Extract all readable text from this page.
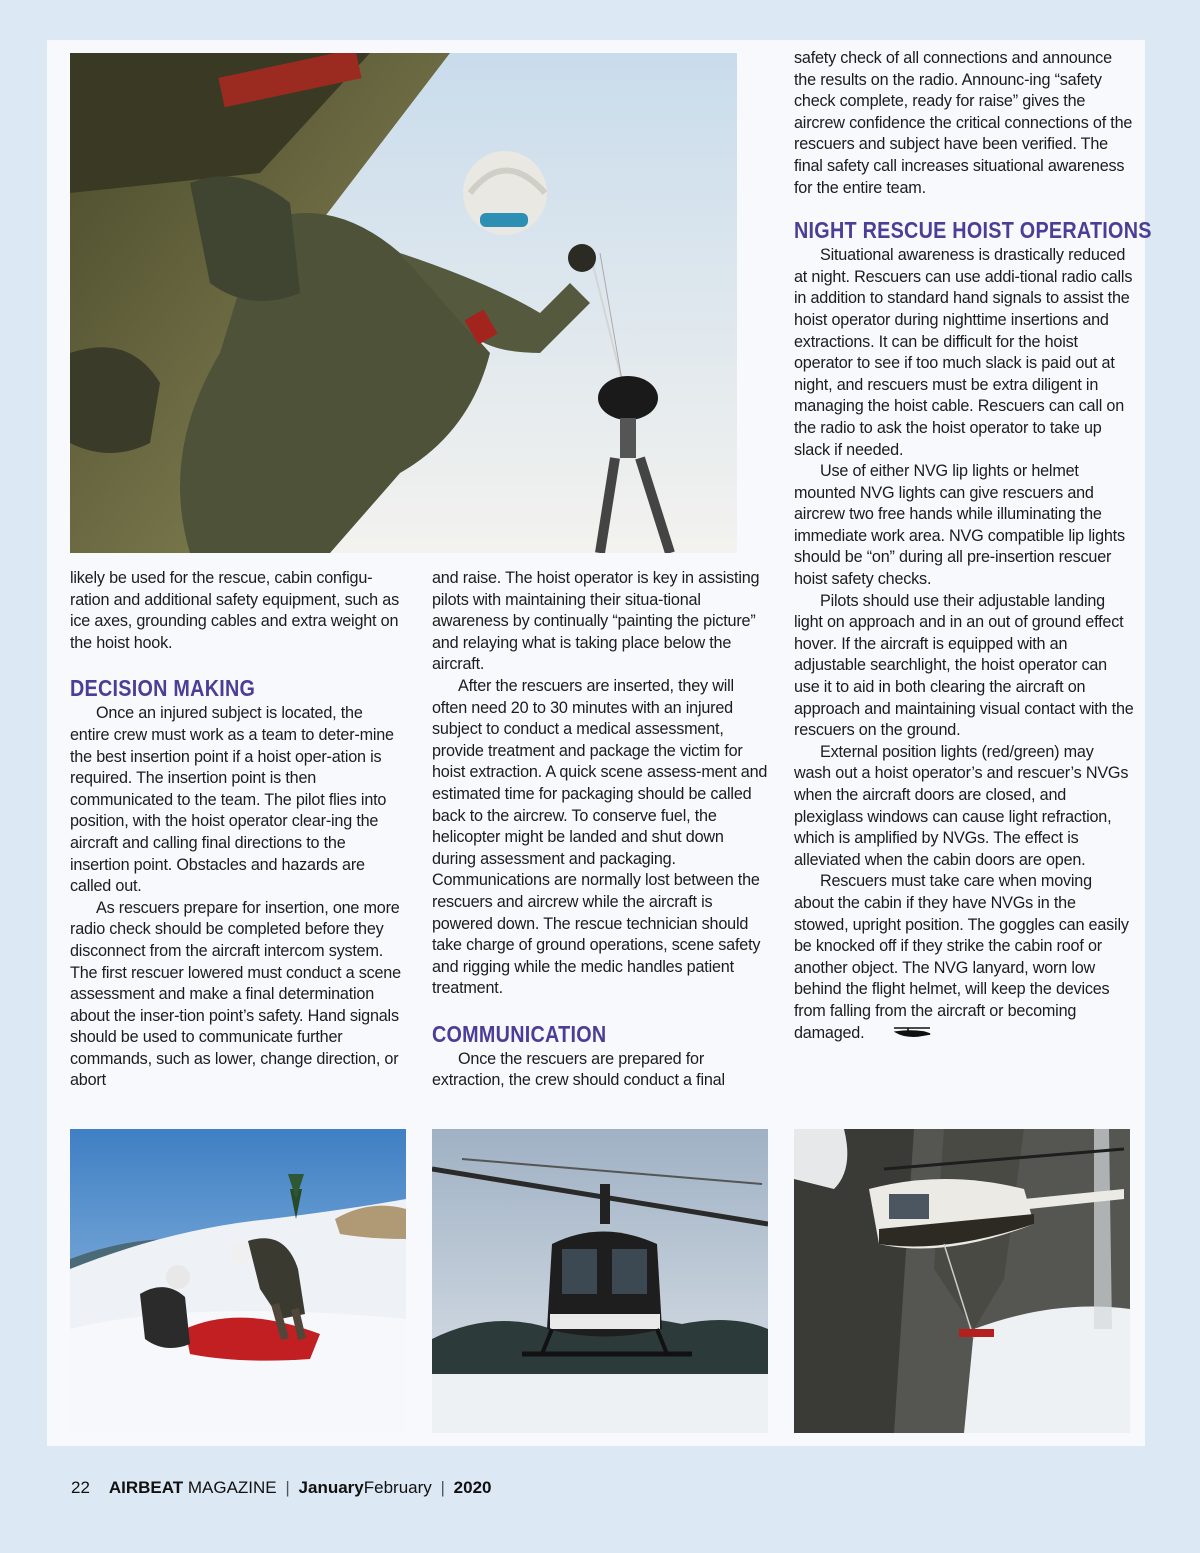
likely be used for the rescue, cabin configu-ration and additional safety equipment, such as ice axes, grounding cables and extra weight on the hoist hook.

DECISION MAKING

Once an injured subject is located, the entire crew must work as a team to deter-mine the best insertion point if a hoist oper-ation is required. The insertion point is then communicated to the team. The pilot flies into position, with the hoist operator clear-ing the aircraft and calling final directions to the insertion point. Obstacles and hazards are called out.

As rescuers prepare for insertion, one more radio check should be completed before they disconnect from the aircraft intercom system. The first rescuer lowered must conduct a scene assessment and make a final determination about the inser-tion point’s safety. Hand signals should be used to communicate further commands, such as lower, change direction, or abort

and raise. The hoist operator is key in assisting pilots with maintaining their situa-tional awareness by continually “painting the picture” and relaying what is taking place below the aircraft.

After the rescuers are inserted, they will often need 20 to 30 minutes with an injured subject to conduct a medical assessment, provide treatment and package the victim for hoist extraction. A quick scene assess-ment and estimated time for packaging should be called back to the aircrew. To conserve fuel, the helicopter might be landed and shut down during assessment and packaging. Communications are normally lost between the rescuers and aircrew while the aircraft is powered down. The rescue technician should take charge of ground operations, scene safety and rigging while the medic handles patient treatment.

COMMUNICATION

Once the rescuers are prepared for extraction, the crew should conduct a final

safety check of all connections and announce the results on the radio. Announc-ing “safety check complete, ready for raise” gives the aircrew confidence the critical connections of the rescuers and subject have been verified. The final safety call increases situational awareness for the entire team.

NIGHT RESCUE HOIST OPERATIONS

Situational awareness is drastically reduced at night. Rescuers can use addi-tional radio calls in addition to standard hand signals to assist the hoist operator during nighttime insertions and extractions. It can be difficult for the hoist operator to see if too much slack is paid out at night, and rescuers must be extra diligent in managing the hoist cable. Rescuers can call on the radio to ask the hoist operator to take up slack if needed.

Use of either NVG lip lights or helmet mounted NVG lights can give rescuers and aircrew two free hands while illuminating the immediate work area. NVG compatible lip lights should be “on” during all pre-insertion rescuer hoist safety checks.

Pilots should use their adjustable landing light on approach and in an out of ground effect hover. If the aircraft is equipped with an adjustable searchlight, the hoist operator can use it to aid in both clearing the aircraft on approach and maintaining visual contact with the rescuers on the ground.

External position lights (red/green) may wash out a hoist operator’s and rescuer’s NVGs when the aircraft doors are closed, and plexiglass windows can cause light refraction, which is amplified by NVGs. The effect is alleviated when the cabin doors are open.

Rescuers must take care when moving about the cabin if they have NVGs in the stowed, upright position. The goggles can easily be knocked off if they strike the cabin roof or another object. The NVG lanyard, worn low behind the flight helmet, will keep the devices from falling from the aircraft or becoming damaged.

22 AIRBEAT MAGAZINE | JanuaryFebruary | 2020
